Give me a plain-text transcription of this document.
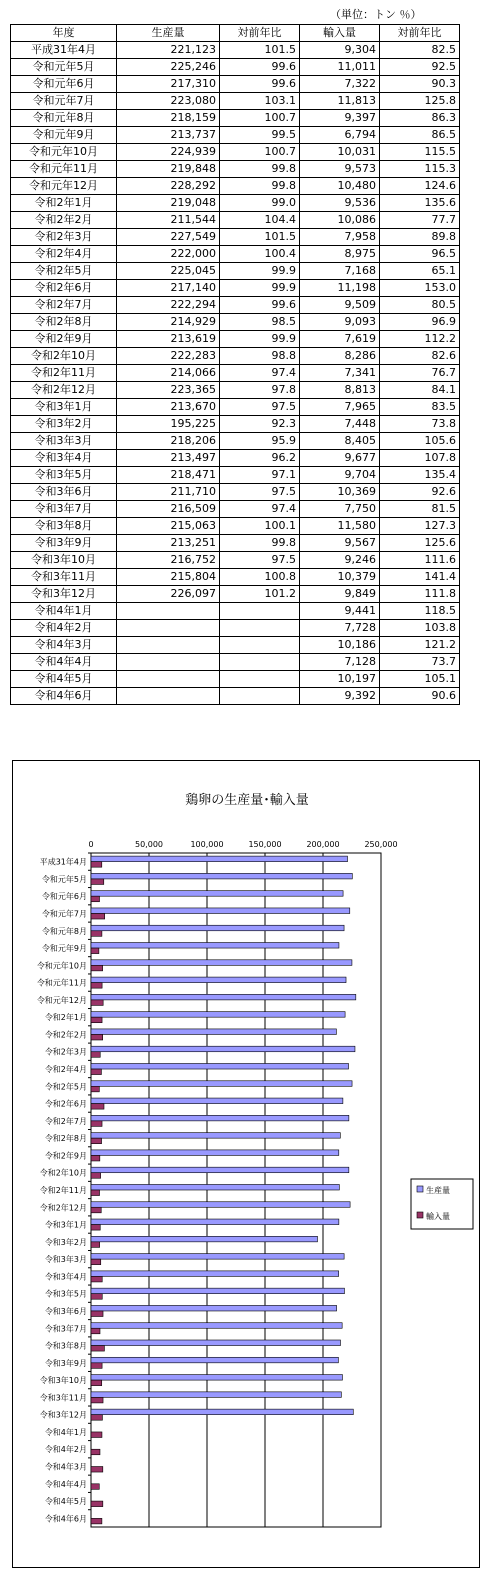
（単位：トン ％）
年度	生産量	対前年比	輸入量	対前年比
平成31年4月	221,123	101.5	9,304	82.5
令和元年5月	225,246	99.6	11,011	92.5
令和元年6月	217,310	99.6	7,322	90.3
令和元年7月	223,080	103.1	11,813	125.8
令和元年8月	218,159	100.7	9,397	86.3
令和元年9月	213,737	99.5	6,794	86.5
令和元年10月	224,939	100.7	10,031	115.5
令和元年11月	219,848	99.8	9,573	115.3
令和元年12月	228,292	99.8	10,480	124.6
令和2年1月	219,048	99.0	9,536	135.6
令和2年2月	211,544	104.4	10,086	77.7
令和2年3月	227,549	101.5	7,958	89.8
令和2年4月	222,000	100.4	8,975	96.5
令和2年5月	225,045	99.9	7,168	65.1
令和2年6月	217,140	99.9	11,198	153.0
令和2年7月	222,294	99.6	9,509	80.5
令和2年8月	214,929	98.5	9,093	96.9
令和2年9月	213,619	99.9	7,619	112.2
令和2年10月	222,283	98.8	8,286	82.6
令和2年11月	214,066	97.4	7,341	76.7
令和2年12月	223,365	97.8	8,813	84.1
令和3年1月	213,670	97.5	7,965	83.5
令和3年2月	195,225	92.3	7,448	73.8
令和3年3月	218,206	95.9	8,405	105.6
令和3年4月	213,497	96.2	9,677	107.8
令和3年5月	218,471	97.1	9,704	135.4
令和3年6月	211,710	97.5	10,369	92.6
令和3年7月	216,509	97.4	7,750	81.5
令和3年8月	215,063	100.1	11,580	127.3
令和3年9月	213,251	99.8	9,567	125.6
令和3年10月	216,752	97.5	9,246	111.6
令和3年11月	215,804	100.8	10,379	141.4
令和3年12月	226,097	101.2	9,849	111.8
令和4年1月			9,441	118.5
令和4年2月			7,728	103.8
令和4年3月			10,186	121.2
令和4年4月			7,128	73.7
令和4年5月			10,197	105.1
令和4年6月			9,392	90.6
鶏卵の生産量･輸入量
0	50,000	100,000	150,000	200,000	250,000
平成31年4月
令和元年5月
令和元年6月
令和元年7月
令和元年8月
令和元年9月
令和元年10月
令和元年11月
令和元年12月
令和2年1月
令和2年2月
令和2年3月
令和2年4月
令和2年5月
令和2年6月
令和2年7月
令和2年8月
令和2年9月
令和2年10月
令和2年11月
令和2年12月
令和3年1月
令和3年2月
令和3年3月
令和3年4月
令和3年5月
令和3年6月
令和3年7月
令和3年8月
令和3年9月
令和3年10月
令和3年11月
令和3年12月
令和4年1月
令和4年2月
令和4年3月
令和4年4月
令和4年5月
令和4年6月
生産量
輸入量
